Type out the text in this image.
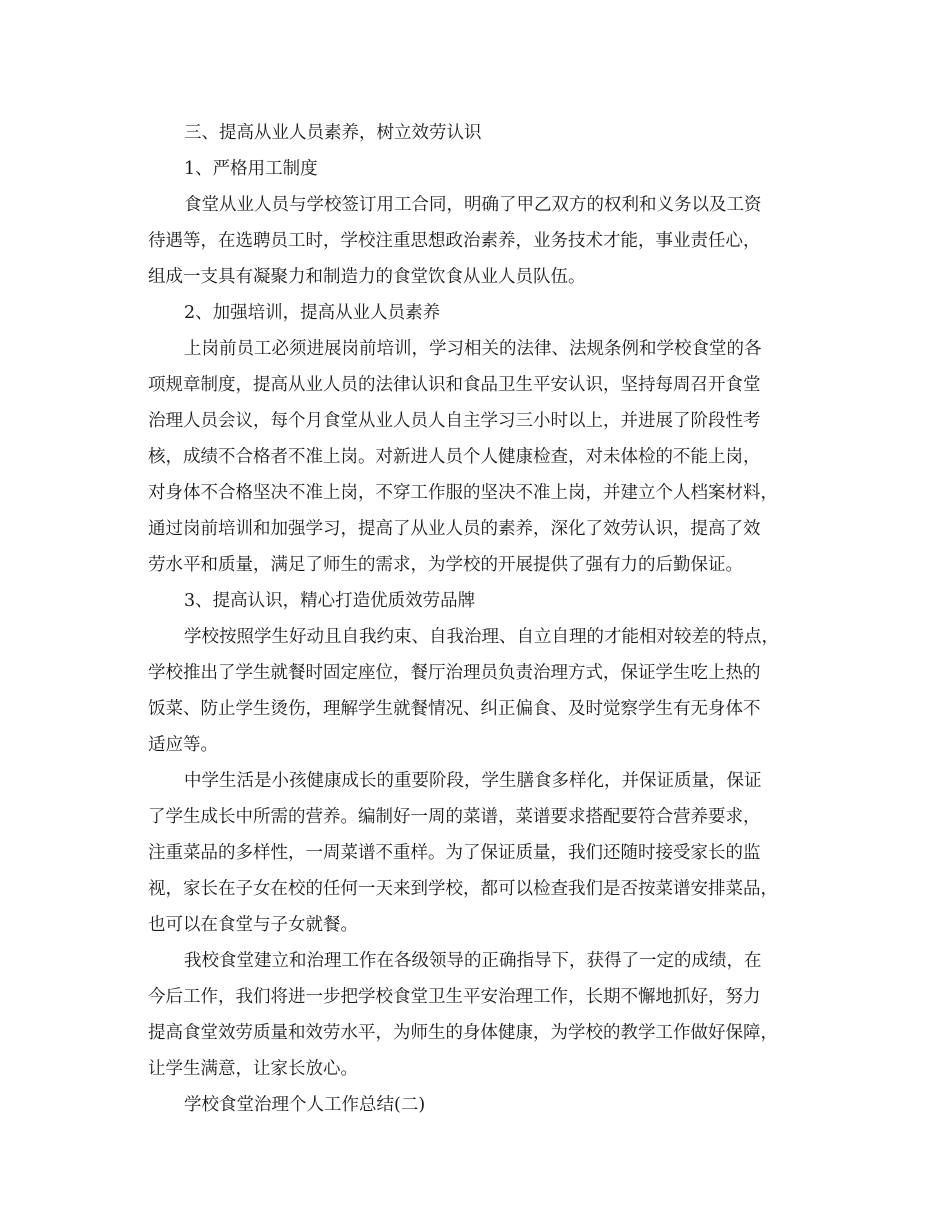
三、提高从业人员素养，树立效劳认识

1、严格用工制度

食堂从业人员与学校签订用工合同，明确了甲乙双方的权利和义务以及工资
待遇等，在选聘员工时，学校注重思想政治素养，业务技术才能，事业责任心，
组成一支具有凝聚力和制造力的食堂饮食从业人员队伍。

2、加强培训，提高从业人员素养

上岗前员工必须进展岗前培训，学习相关的法律、法规条例和学校食堂的各
项规章制度，提高从业人员的法律认识和食品卫生平安认识，坚持每周召开食堂
治理人员会议，每个月食堂从业人员人自主学习三小时以上，并进展了阶段性考
核，成绩不合格者不准上岗。对新进人员个人健康检查，对未体检的不能上岗，
对身体不合格坚决不准上岗，不穿工作服的坚决不准上岗，并建立个人档案材料，
通过岗前培训和加强学习，提高了从业人员的素养，深化了效劳认识，提高了效
劳水平和质量，满足了师生的需求，为学校的开展提供了强有力的后勤保证。

3、提高认识，精心打造优质效劳品牌

学校按照学生好动且自我约束、自我治理、自立自理的才能相对较差的特点，
学校推出了学生就餐时固定座位，餐厅治理员负责治理方式，保证学生吃上热的
饭菜、防止学生烫伤，理解学生就餐情况、纠正偏食、及时觉察学生有无身体不
适应等。
中学生活是小孩健康成长的重要阶段，学生膳食多样化，并保证质量，保证
了学生成长中所需的营养。编制好一周的菜谱，菜谱要求搭配要符合营养要求，
注重菜品的多样性，一周菜谱不重样。为了保证质量，我们还随时接受家长的监
视，家长在子女在校的任何一天来到学校，都可以检查我们是否按菜谱安排菜品，
也可以在食堂与子女就餐。
我校食堂建立和治理工作在各级领导的正确指导下，获得了一定的成绩，在
今后工作，我们将进一步把学校食堂卫生平安治理工作，长期不懈地抓好，努力
提高食堂效劳质量和效劳水平，为师生的身体健康，为学校的教学工作做好保障，
让学生满意，让家长放心。

学校食堂治理个人工作总结(二)
